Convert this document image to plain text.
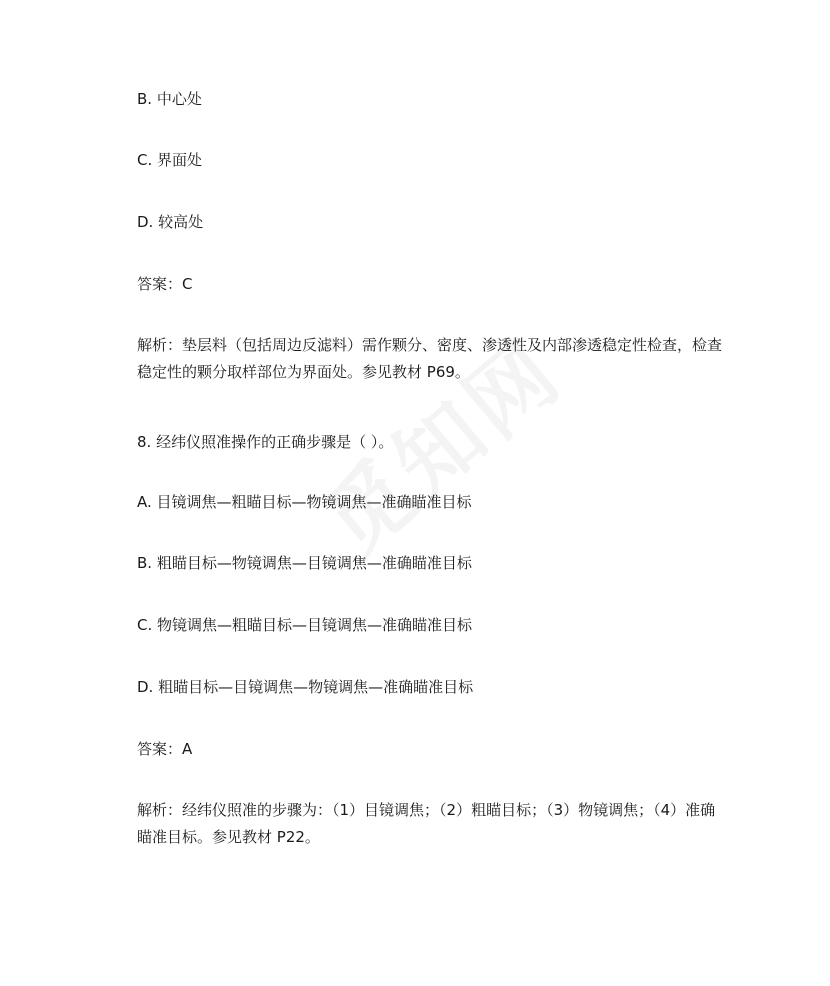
B. 中心处

C. 界面处

D. 较高处

答案：C

解析：垫层料（包括周边反滤料）需作颗分、密度、渗透性及内部渗透稳定性检查，检查稳定性的颗分取样部位为界面处。参见教材 P69。

8. 经纬仪照准操作的正确步骤是（ ）。

A. 目镜调焦—粗瞄目标—物镜调焦—准确瞄准目标

B. 粗瞄目标—物镜调焦—目镜调焦—准确瞄准目标

C. 物镜调焦—粗瞄目标—目镜调焦—准确瞄准目标

D. 粗瞄目标—目镜调焦—物镜调焦—准确瞄准目标

答案：A

解析：经纬仪照准的步骤为：（1）目镜调焦；（2）粗瞄目标；（3）物镜调焦；（4）准确瞄准目标。参见教材 P22。
